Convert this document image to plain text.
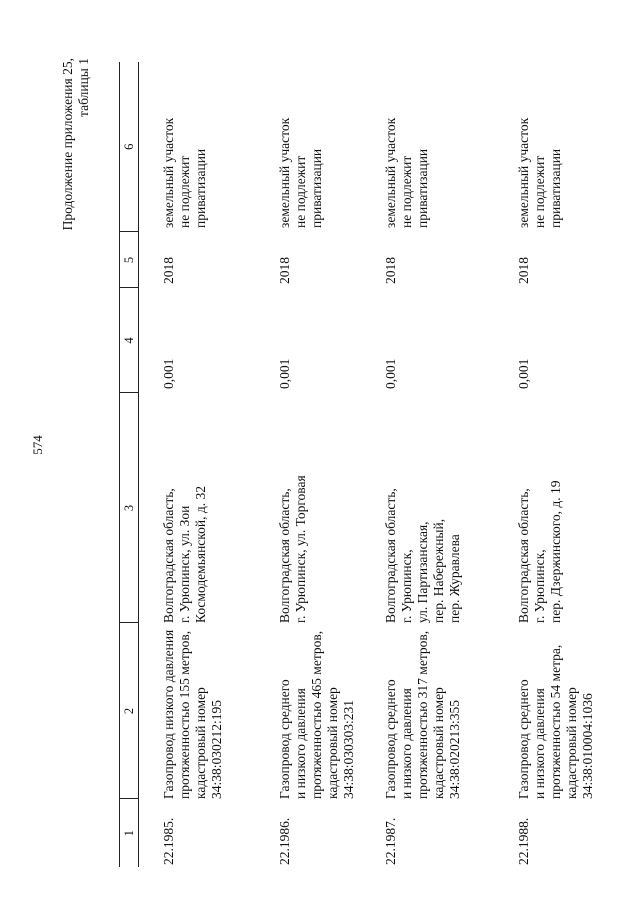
574
Продолжение приложения 25, таблицы 1
1	2	3	4	5	6

22.1985.	Газопровод низкого давления протяженностью 155 метров, кадастровый номер 34:38:030212:195	Волгоградская область, г. Урюпинск, ул. Зои Космодемьянской, д. 32	0,001	2018	земельный участок не подлежит приватизации

22.1986.	Газопровод среднего и низкого давления протяженностью 465 метров, кадастровый номер 34:38:030303:231	Волгоградская область, г. Урюпинск, ул. Торговая	0,001	2018	земельный участок не подлежит приватизации

22.1987.	Газопровод среднего и низкого давления протяженностью 317 метров, кадастровый номер 34:38:020213:355	Волгоградская область, г. Урюпинск, ул. Партизанская, пер. Набережный, пер. Журавлева	0,001	2018	земельный участок не подлежит приватизации

22.1988.	Газопровод среднего и низкого давления протяженностью 54 метра, кадастровый номер 34:38:010004:1036	Волгоградская область, г. Урюпинск, пер. Дзержинского, д. 19	0,001	2018	земельный участок не подлежит приватизации
